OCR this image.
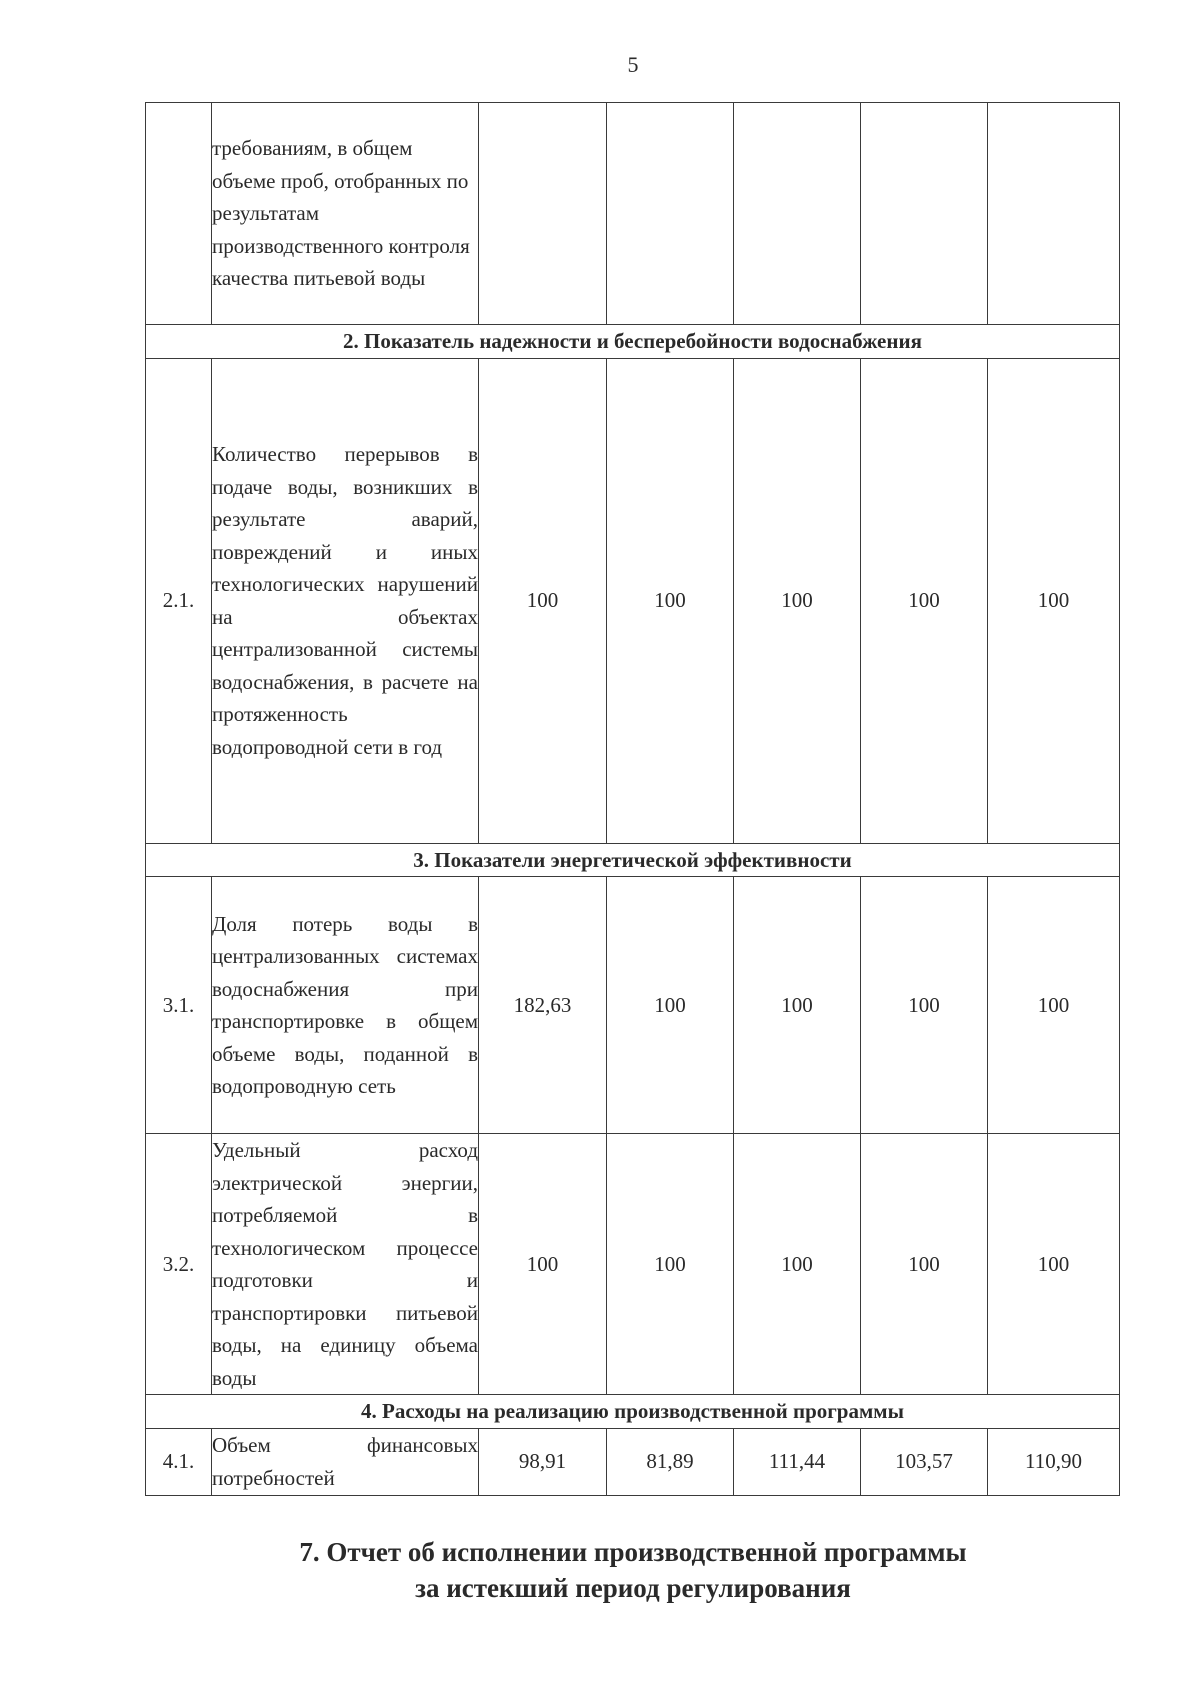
5
	требованиям, в общем объеме проб, отобранных по результатам производственного контроля качества питьевой воды					
2. Показатель надежности и бесперебойности водоснабжения						
2.1.	Количество перерывов в подаче воды, возникших в результате аварий, повреждений и иных технологических нарушений на объектах централизованной системы водоснабжения, в расчете на протяженность водопроводной сети в год	100	100	100	100	100
3. Показатели энергетической эффективности						
3.1.	Доля потерь воды в централизованных системах водоснабжения при транспортировке в общем объеме воды, поданной в водопроводную сеть	182,63	100	100	100	100
3.2.	Удельный расход электрической энергии, потребляемой в технологическом процессе подготовки и транспортировки питьевой воды, на единицу объема воды	100	100	100	100	100
4. Расходы на реализацию производственной программы						
4.1.	Объем финансовых потребностей	98,91	81,89	111,44	103,57	110,90
7. Отчет об исполнении производственной программы
за истекший период регулирования
